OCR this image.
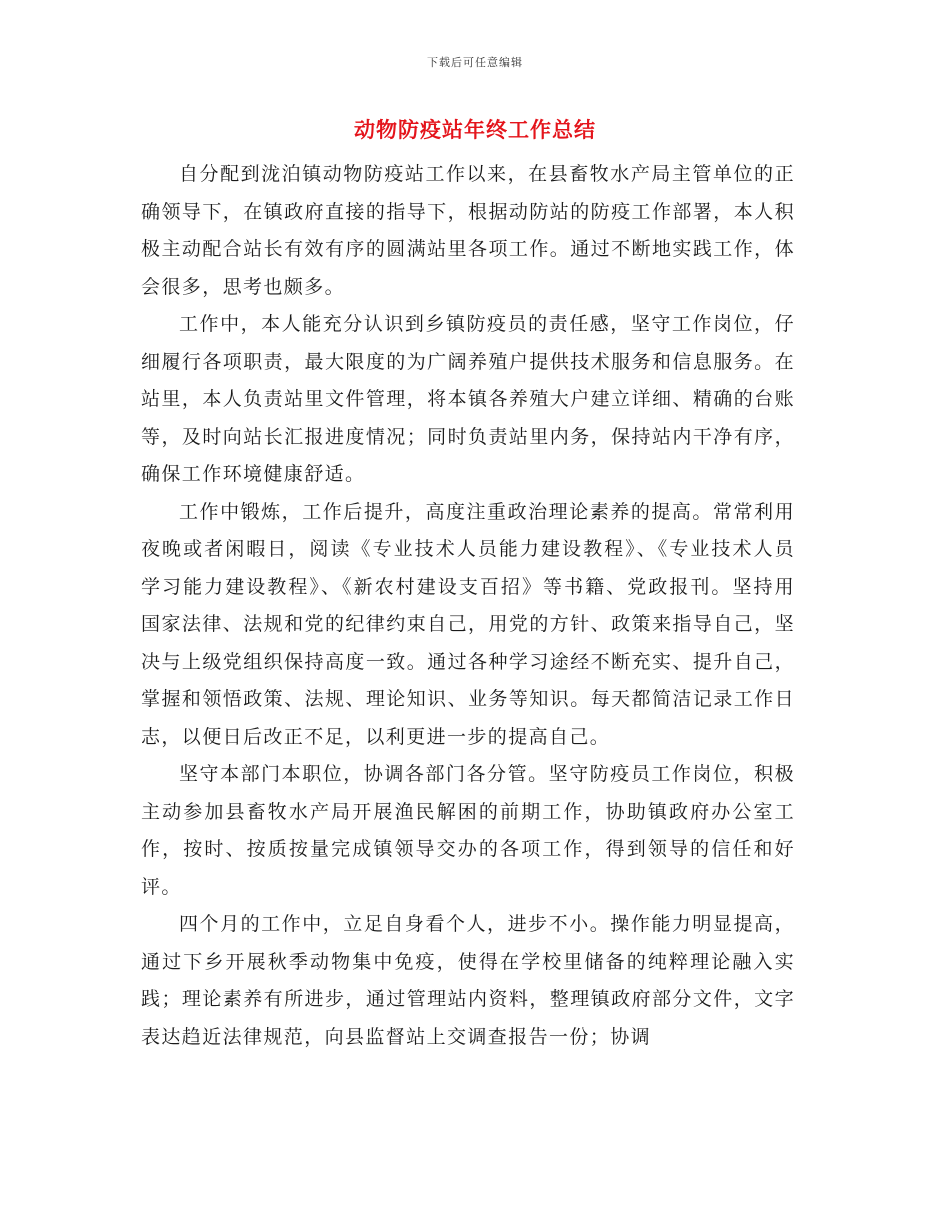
下载后可任意编辑
动物防疫站年终工作总结

自分配到泷泊镇动物防疫站工作以来，在县畜牧水产局主管单位的正确领导下，在镇政府直接的指导下，根据动防站的防疫工作部署，本人积极主动配合站长有效有序的圆满站里各项工作。通过不断地实践工作，体会很多，思考也颇多。

工作中，本人能充分认识到乡镇防疫员的责任感，坚守工作岗位，仔细履行各项职责，最大限度的为广阔养殖户提供技术服务和信息服务。在站里，本人负责站里文件管理，将本镇各养殖大户建立详细、精确的台账等，及时向站长汇报进度情况；同时负责站里内务，保持站内干净有序，确保工作环境健康舒适。

工作中锻炼，工作后提升，高度注重政治理论素养的提高。常常利用夜晚或者闲暇日，阅读《专业技术人员能力建设教程》、《专业技术人员学习能力建设教程》、《新农村建设支百招》等书籍、党政报刊。坚持用国家法律、法规和党的纪律约束自己，用党的方针、政策来指导自己，坚决与上级党组织保持高度一致。通过各种学习途经不断充实、提升自己，掌握和领悟政策、法规、理论知识、业务等知识。每天都简洁记录工作日志，以便日后改正不足，以利更进一步的提高自己。

坚守本部门本职位，协调各部门各分管。坚守防疫员工作岗位，积极主动参加县畜牧水产局开展渔民解困的前期工作，协助镇政府办公室工作，按时、按质按量完成镇领导交办的各项工作，得到领导的信任和好评。

四个月的工作中，立足自身看个人，进步不小。操作能力明显提高，通过下乡开展秋季动物集中免疫，使得在学校里储备的纯粹理论融入实践；理论素养有所进步，通过管理站内资料，整理镇政府部分文件，文字表达趋近法律规范，向县监督站上交调查报告一份；协调
